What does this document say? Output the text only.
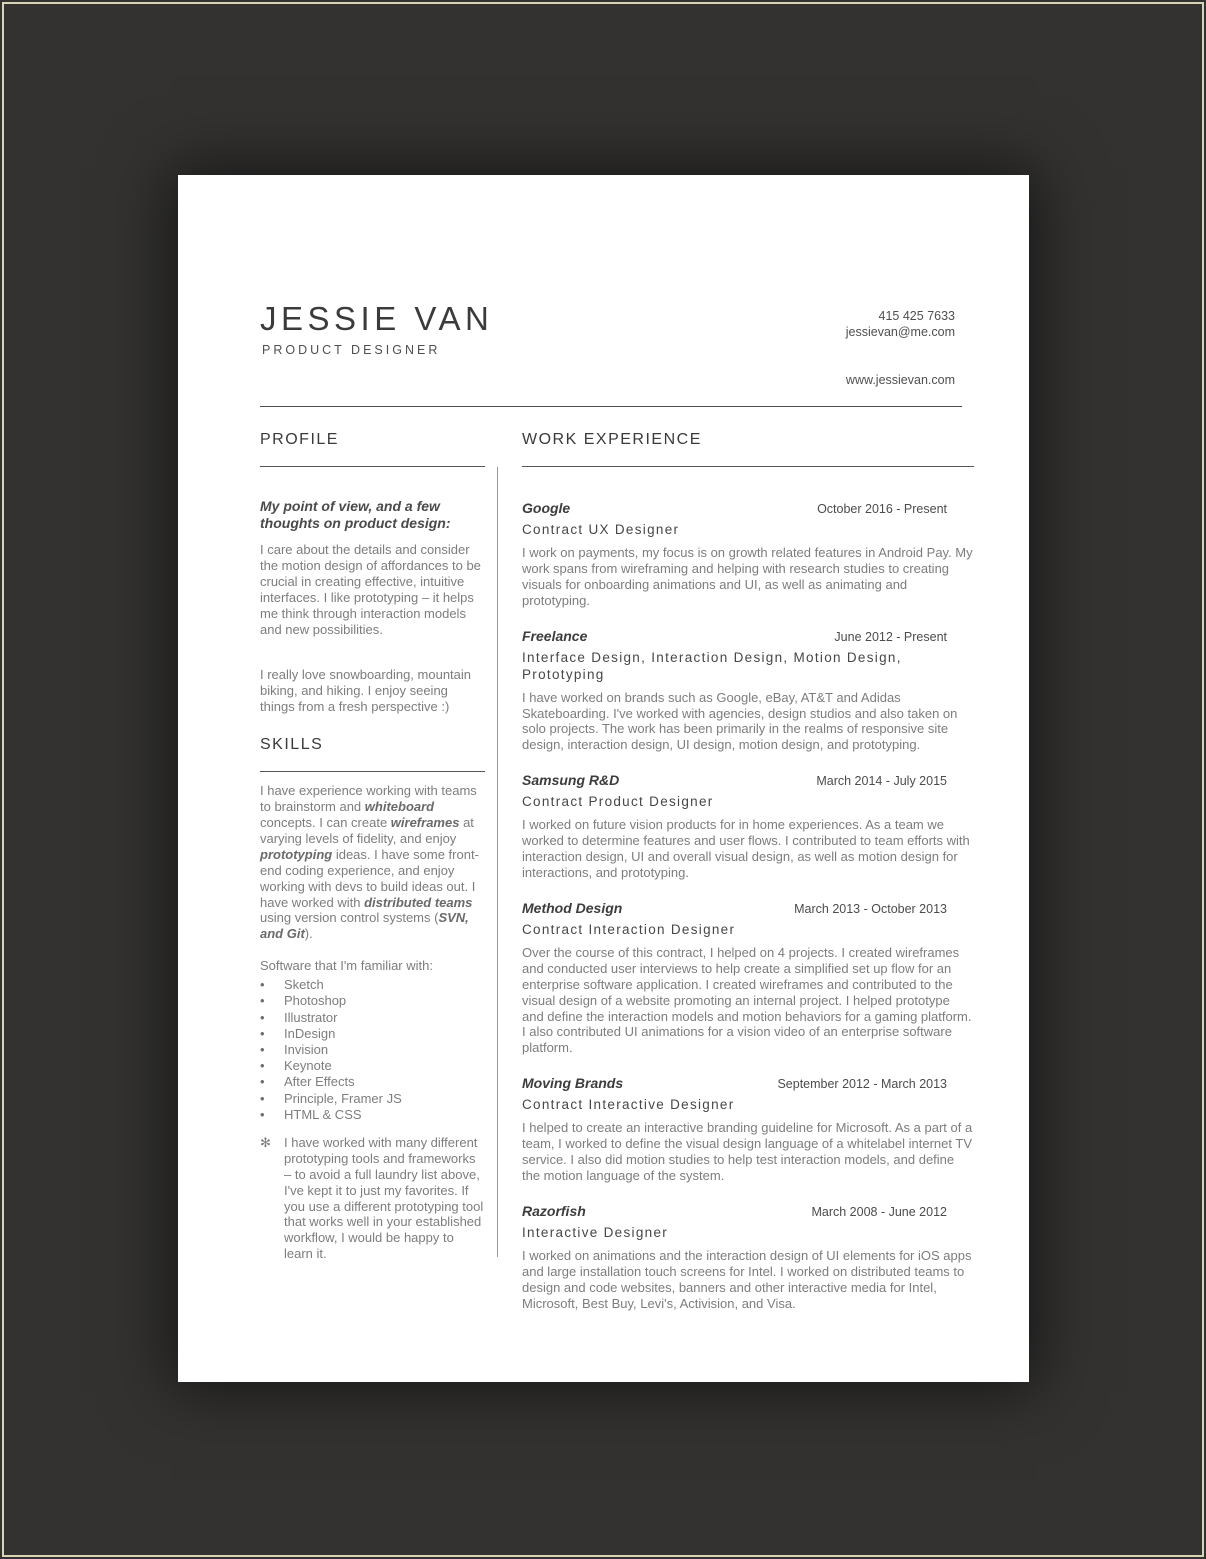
JESSIE VAN
PRODUCT DESIGNER
415 425 7633
jessievan@me.com
www.jessievan.com
PROFILE
My point of view, and a few thoughts on product design:
I care about the details and consider the motion design of affordances to be crucial in creating effective, intuitive interfaces. I like prototyping – it helps me think through interaction models and new possibilities.
I really love snowboarding, mountain biking, and hiking. I enjoy seeing things from a fresh perspective :)
SKILLS
I have experience working with teams to brainstorm and whiteboard concepts. I can create wireframes at varying levels of fidelity, and enjoy prototyping ideas. I have some front-end coding experience, and enjoy working with devs to build ideas out. I have worked with distributed teams using version control systems (SVN, and Git).
Software that I'm familiar with:
•	Sketch
•	Photoshop
•	Illustrator
•	InDesign
•	Invision
•	Keynote
•	After Effects
•	Principle, Framer JS
•	HTML & CSS
✻	I have worked with many different prototyping tools and frameworks – to avoid a full laundry list above, I've kept it to just my favorites. If you use a different prototyping tool that works well in your established workflow, I would be happy to learn it.
WORK EXPERIENCE
Google	October 2016 - Present
Contract UX Designer
I work on payments, my focus is on growth related features in Android Pay. My work spans from wireframing and helping with research studies to creating visuals for onboarding animations and UI, as well as animating and prototyping.
Freelance	June 2012 - Present
Interface Design, Interaction Design, Motion Design, Prototyping
I have worked on brands such as Google, eBay, AT&T and Adidas Skateboarding. I've worked with agencies, design studios and also taken on solo projects. The work has been primarily in the realms of responsive site design, interaction design, UI design, motion design, and prototyping.
Samsung R&D	March 2014 - July 2015
Contract Product Designer
I worked on future vision products for in home experiences. As a team we worked to determine features and user flows. I contributed to team efforts with interaction design, UI and overall visual design, as well as motion design for interactions, and prototyping.
Method Design	March 2013 - October 2013
Contract Interaction Designer
Over the course of this contract, I helped on 4 projects. I created wireframes and conducted user interviews to help create a simplified set up flow for an enterprise software application. I created wireframes and contributed to the visual design of a website promoting an internal project. I helped prototype and define the interaction models and motion behaviors for a gaming platform. I also contributed UI animations for a vision video of an enterprise software platform.
Moving Brands	September 2012 - March 2013
Contract Interactive Designer
I helped to create an interactive branding guideline for Microsoft. As a part of a team, I worked to define the visual design language of a whitelabel internet TV service. I also did motion studies to help test interaction models, and define the motion language of the system.
Razorfish	March 2008 - June 2012
Interactive Designer
I worked on animations and the interaction design of UI elements for iOS apps and large installation touch screens for Intel. I worked on distributed teams to design and code websites, banners and other interactive media for Intel, Microsoft, Best Buy, Levi's, Activision, and Visa.
